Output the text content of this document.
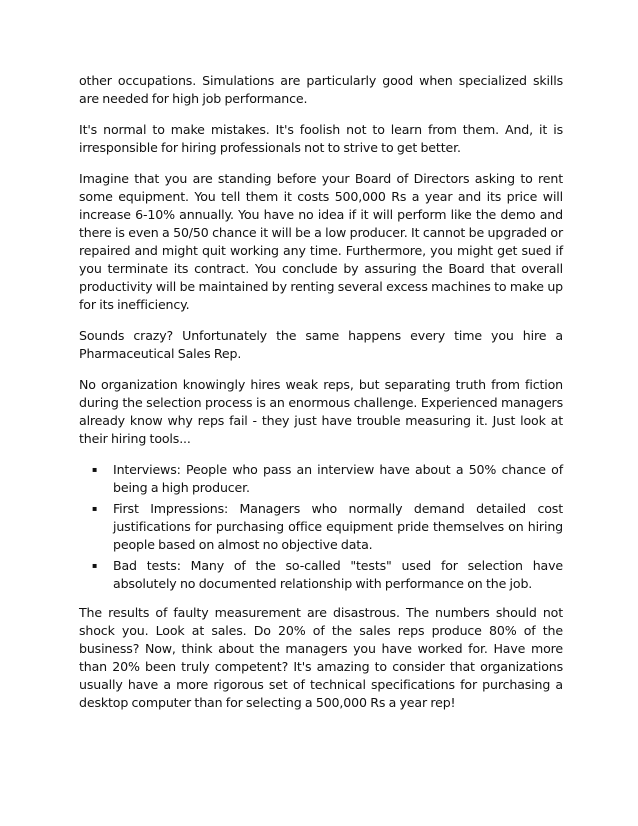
other occupations. Simulations are particularly good when specialized skills are needed for high job performance.

It's normal to make mistakes. It's foolish not to learn from them. And, it is irresponsible for hiring professionals not to strive to get better.

Imagine that you are standing before your Board of Directors asking to rent some equipment. You tell them it costs 500,000 Rs a year and its price will increase 6-10% annually. You have no idea if it will perform like the demo and there is even a 50/50 chance it will be a low producer. It cannot be upgraded or repaired and might quit working any time. Furthermore, you might get sued if you terminate its contract. You conclude by assuring the Board that overall productivity will be maintained by renting several excess machines to make up for its inefficiency.

Sounds crazy? Unfortunately the same happens every time you hire a Pharmaceutical Sales Rep.

No organization knowingly hires weak reps, but separating truth from fiction during the selection process is an enormous challenge. Experienced managers already know why reps fail - they just have trouble measuring it. Just look at their hiring tools...

▪ Interviews: People who pass an interview have about a 50% chance of being a high producer.
▪ First Impressions: Managers who normally demand detailed cost justifications for purchasing office equipment pride themselves on hiring people based on almost no objective data.
▪ Bad tests: Many of the so-called "tests" used for selection have absolutely no documented relationship with performance on the job.

The results of faulty measurement are disastrous. The numbers should not shock you. Look at sales. Do 20% of the sales reps produce 80% of the business? Now, think about the managers you have worked for. Have more than 20% been truly competent? It's amazing to consider that organizations usually have a more rigorous set of technical specifications for purchasing a desktop computer than for selecting a 500,000 Rs a year rep!
